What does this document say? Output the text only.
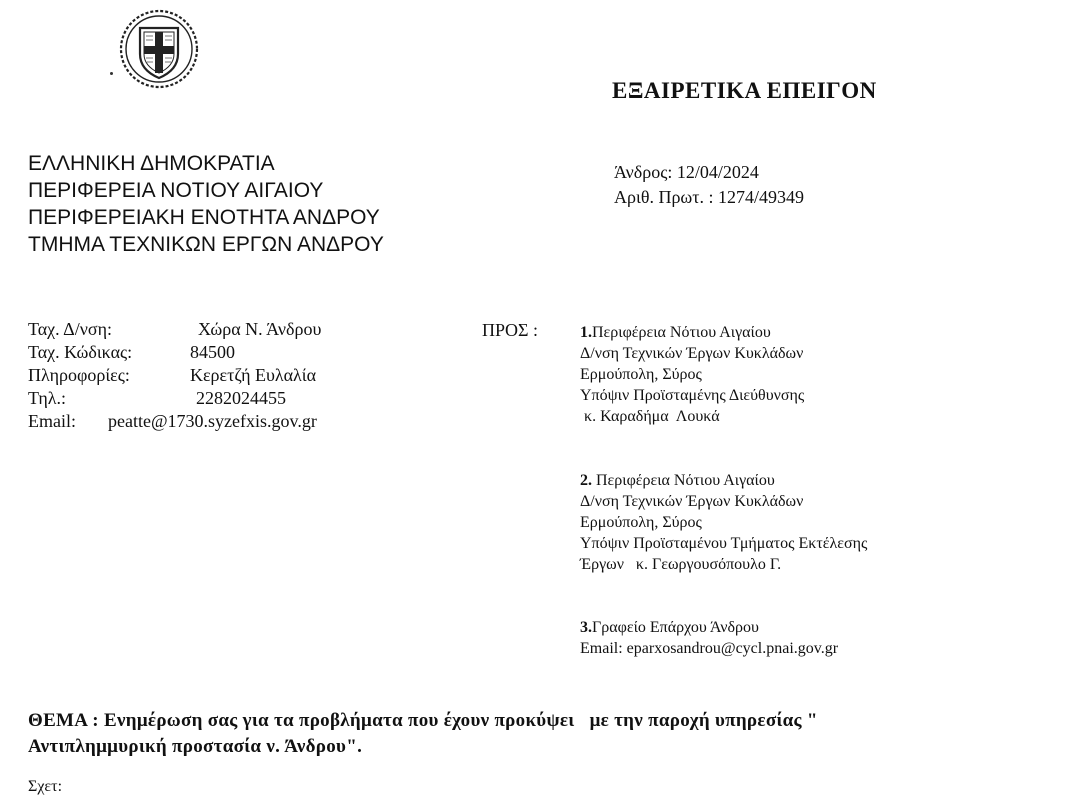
ΕΞΑΙΡΕΤΙΚΑ ΕΠΕΙΓΟΝ
ΕΛΛΗΝΙΚΗ ΔΗΜΟΚΡΑΤΙΑ
ΠΕΡΙΦΕΡΕΙΑ ΝΟΤΙΟΥ ΑΙΓΑΙΟΥ
ΠΕΡΙΦΕΡΕΙΑΚΗ ΕΝΟΤΗΤΑ ΑΝΔΡΟΥ
ΤΜΗΜΑ ΤΕΧΝΙΚΩΝ ΕΡΓΩΝ ΑΝΔΡΟΥ
Άνδρος: 12/04/2024
Αριθ. Πρωτ. : 1274/49349
Ταχ. Δ/νση:	Χώρα Ν. Άνδρου
Ταχ. Κώδικας:	84500
Πληροφορίες:	Κερετζή Ευλαλία
Τηλ.:	2282024455
Email: peatte@1730.syzefxis.gov.gr
ΠΡΟΣ :	1.Περιφέρεια Νότιου Αιγαίου
Δ/νση Τεχνικών Έργων Κυκλάδων
Ερμούπολη, Σύρος
Υπόψιν Προϊσταμένης Διεύθυνσης
κ. Καραδήμα  Λουκά
2. Περιφέρεια Νότιου Αιγαίου
Δ/νση Τεχνικών Έργων Κυκλάδων
Ερμούπολη, Σύρος
Υπόψιν Προϊσταμένου Τμήματος Εκτέλεσης
Έργων   κ. Γεωργουσόπουλο Γ.
3.Γραφείο Επάρχου Άνδρου
Email: eparxosandrou@cycl.pnai.gov.gr
ΘΕΜΑ : Ενημέρωση σας για τα προβλήματα που έχουν προκύψει   με την παροχή υπηρεσίας "
Αντιπλημμυρική προστασία ν. Άνδρου".
Σχετ:
